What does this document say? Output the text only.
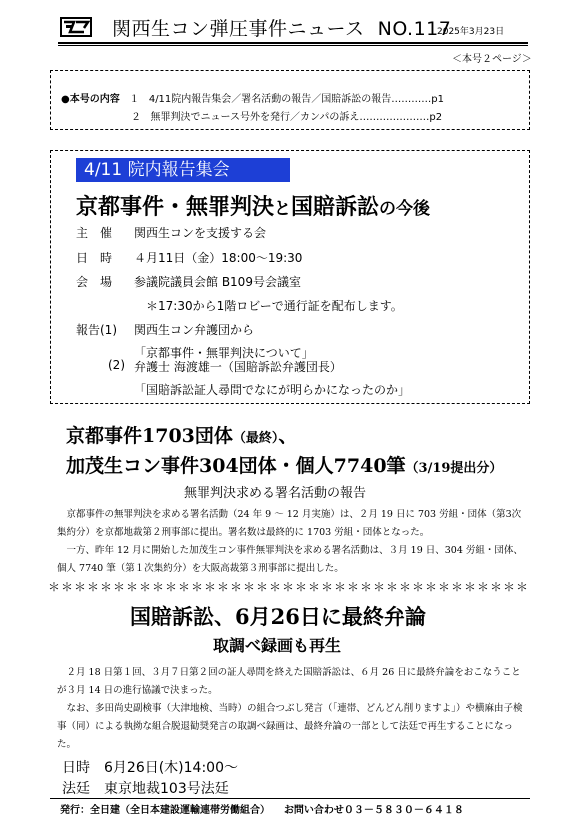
関西生コン弾圧事件ニュース NO.117
2025年3月23日
＜本号２ページ＞
●本号の内容 １ 4/11院内報告集会／署名活動の報告／国賠訴訟の報告…………p1
２ 無罪判決でニュース号外を発行／カンパの訴え…………………p2
4/11 院内報告集会
京都事件・無罪判決と国賠訴訟の今後
主　催 関西生コンを支援する会
日　時 ４月11日（金）18:00～19:30
会　場 参議院議員会館 B109号会議室
＊17:30から1階ロビーで通行証を配布します。
報告(1) 関西生コン弁護団から
「京都事件・無罪判決について」
(2) 弁護士 海渡雄一（国賠訴訟弁護団長）
「国賠訴訟証人尋問でなにが明らかになったのか」
京都事件1703団体（最終）、
加茂生コン事件304団体・個人7740筆（3/19提出分）
無罪判決求める署名活動の報告
京都事件の無罪判決を求める署名活動（24 年 9 ～ 12 月実施）は、２月 19 日に 703 労組・団体（第3次集約分）を京都地裁第２刑事部に提出。署名数は最終的に 1703 労組・団体となった。
一方、昨年 12 月に開始した加茂生コン事件無罪判決を求める署名活動は、３月 19 日、304 労組・団体、個人 7740 筆（第１次集約分）を大阪高裁第３刑事部に提出した。
＊＊＊＊＊＊＊＊＊＊＊＊＊＊＊＊＊＊＊＊＊＊＊＊＊＊＊＊＊＊＊＊＊＊＊＊＊
国賠訴訟、6月26日に最終弁論
取調べ録画も再生
２月 18 日第１回、３月７日第２回の証人尋問を終えた国賠訴訟は、６月 26 日に最終弁論をおこなうことが３月 14 日の進行協議で決まった。
なお、多田尚史副検事（大津地検、当時）の組合つぶし発言（「連帯、どんどん削りますよ」）や横麻由子検事（同）による執拗な組合脱退勧奨発言の取調べ録画は、最終弁論の一部として法廷で再生することになった。
日時 6月26日(木)14:00～
法廷 東京地裁103号法廷
発行：全日建（全日本建設運輸連帯労働組合） お問い合わせ０３－５８３０－６４１８
